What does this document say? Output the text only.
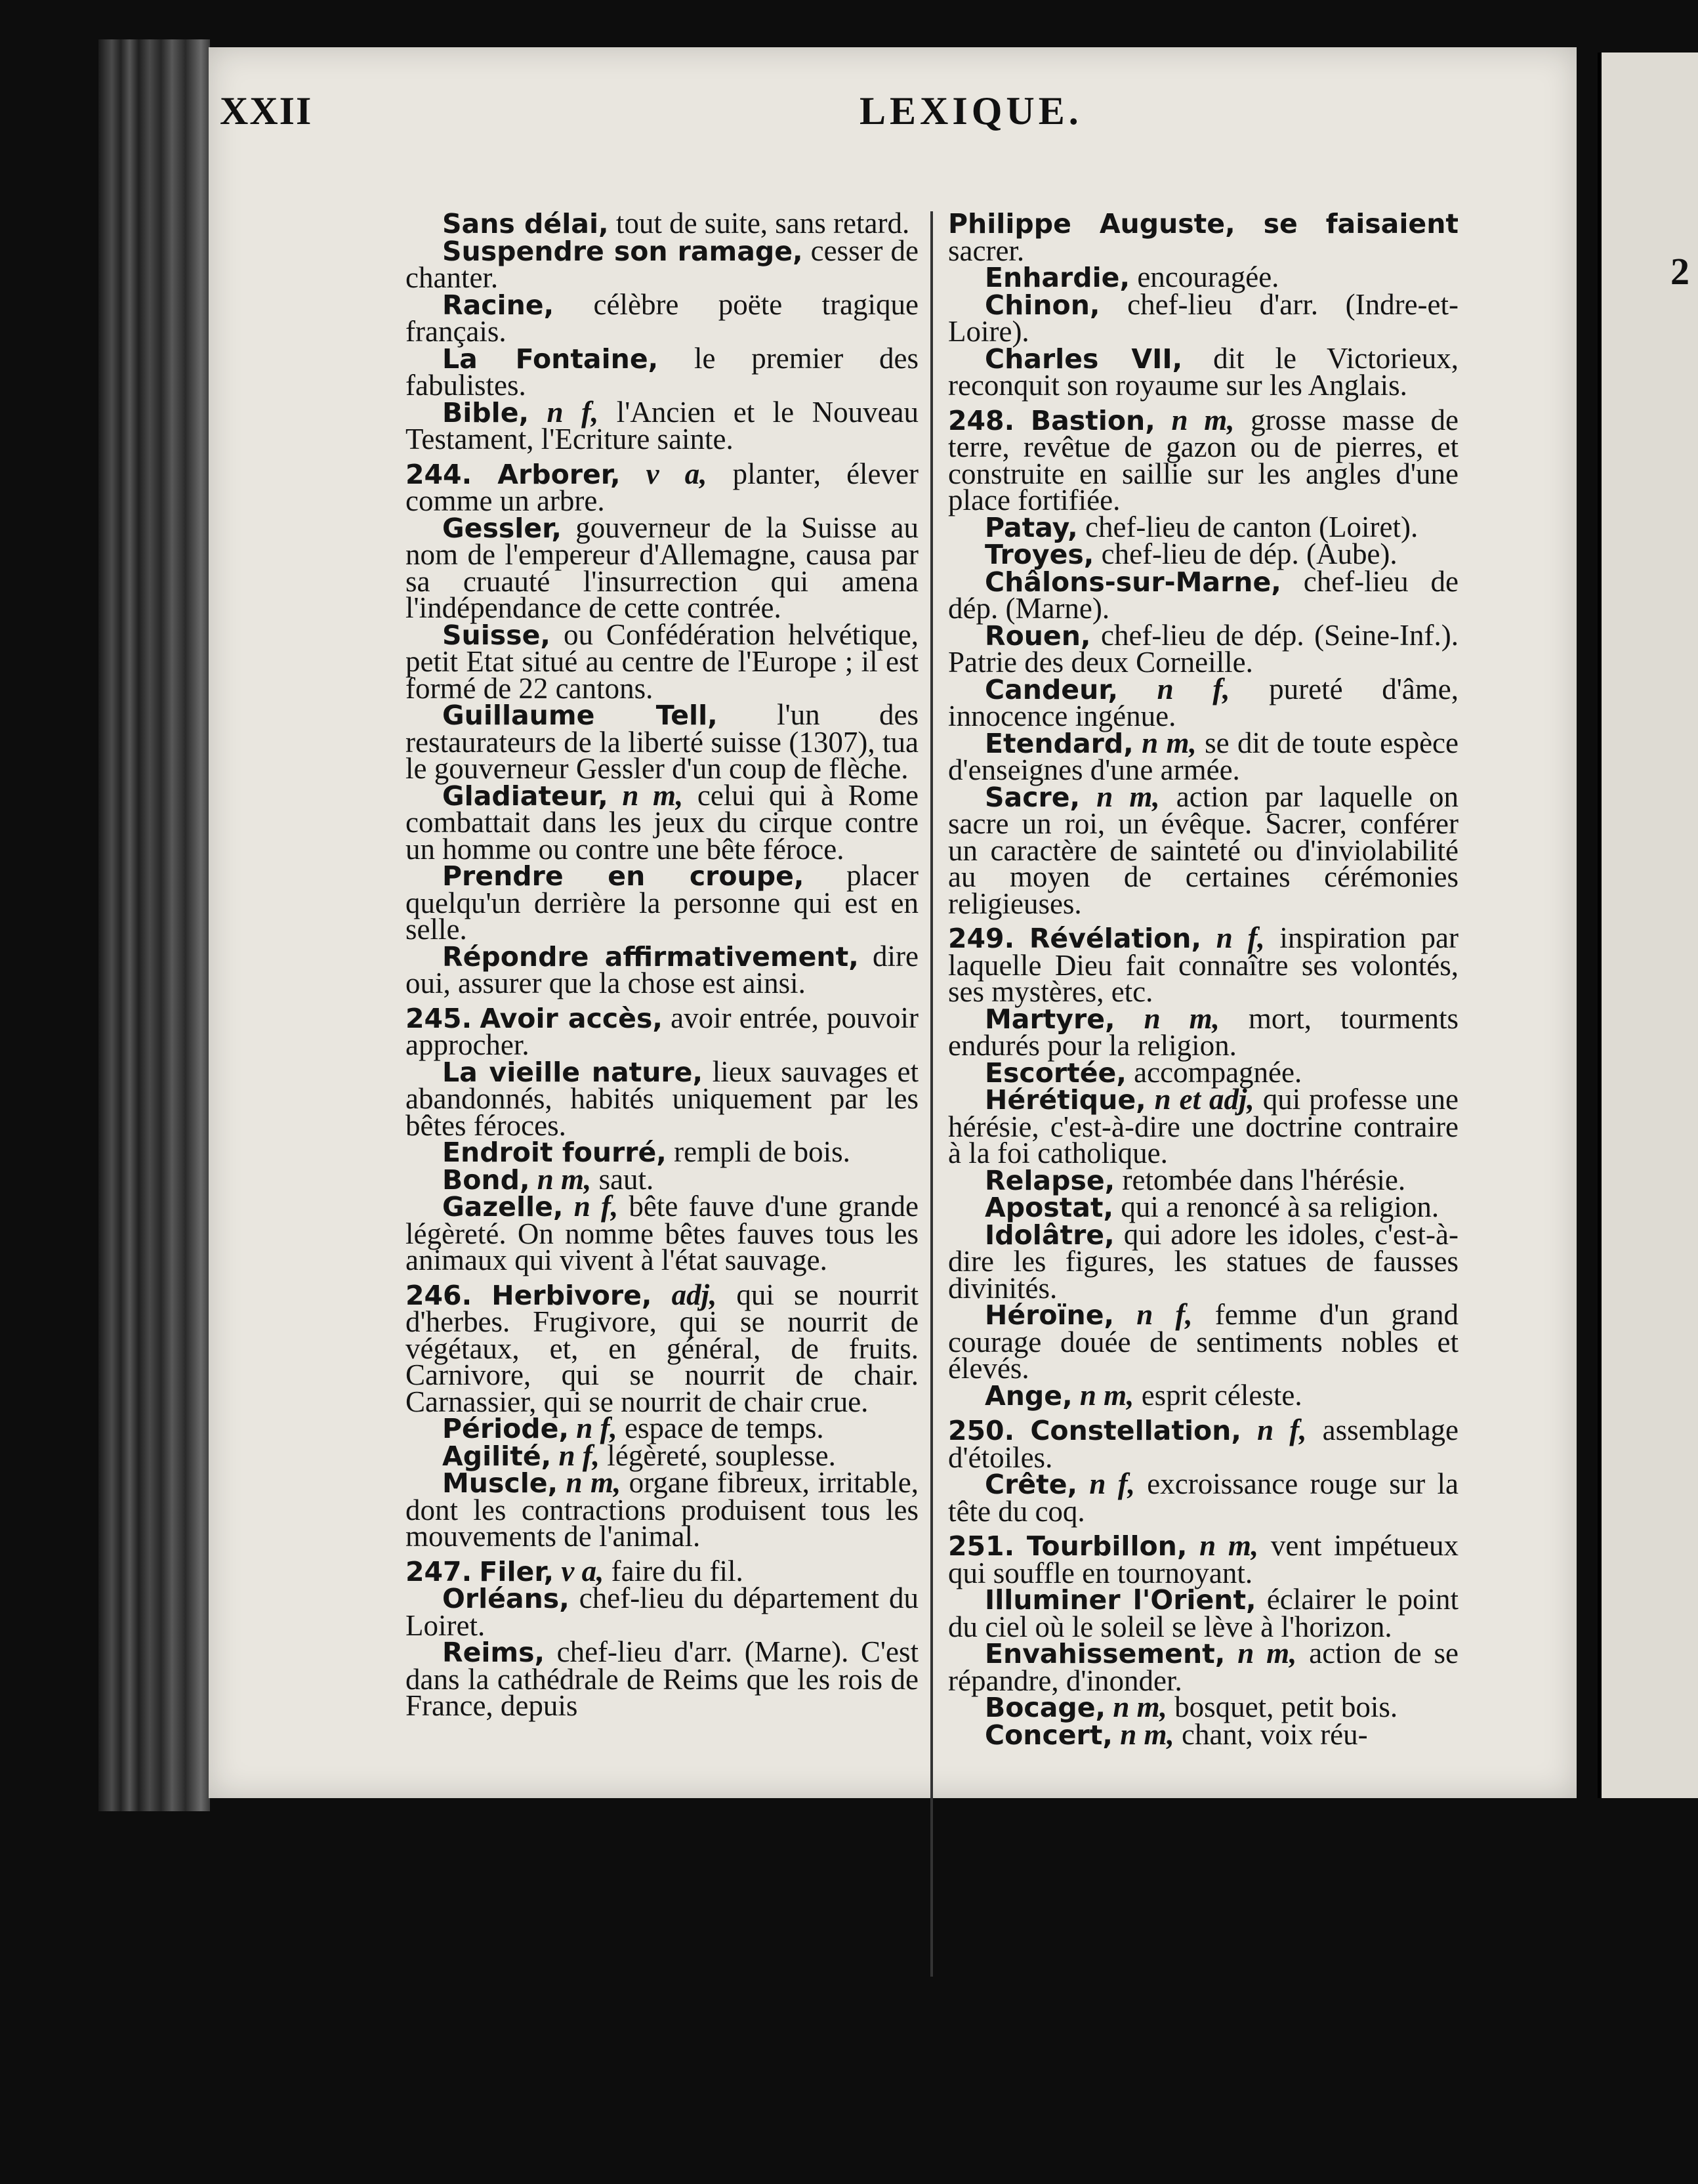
2
XXII	LEXIQUE.

Sans délai, tout de suite, sans retard.

Suspendre son ramage, cesser de chanter.

Racine, célèbre poëte tragique français.

La Fontaine, le premier des fabulistes.

Bible, n f, l'Ancien et le Nouveau Testament, l'Ecriture sainte.

244. Arborer, v a, planter, élever comme un arbre.

Gessler, gouverneur de la Suisse au nom de l'empereur d'Allemagne, causa par sa cruauté l'insurrection qui amena l'indépendance de cette contrée.

Suisse, ou Confédération helvétique, petit Etat situé au centre de l'Europe ; il est formé de 22 cantons.

Guillaume Tell, l'un des restaurateurs de la liberté suisse (1307), tua le gouverneur Gessler d'un coup de flèche.

Gladiateur, n m, celui qui à Rome combattait dans les jeux du cirque contre un homme ou contre une bête féroce.

Prendre en croupe, placer quelqu'un derrière la personne qui est en selle.

Répondre affirmativement, dire oui, assurer que la chose est ainsi.

245. Avoir accès, avoir entrée, pouvoir approcher.

La vieille nature, lieux sauvages et abandonnés, habités uniquement par les bêtes féroces.

Endroit fourré, rempli de bois.

Bond, n m, saut.

Gazelle, n f, bête fauve d'une grande légèreté. On nomme bêtes fauves tous les animaux qui vivent à l'état sauvage.

246. Herbivore, adj, qui se nourrit d'herbes. Frugivore, qui se nourrit de végétaux, et, en général, de fruits. Carnivore, qui se nourrit de chair. Carnassier, qui se nourrit de chair crue.

Période, n f, espace de temps.

Agilité, n f, légèreté, souplesse.

Muscle, n m, organe fibreux, irritable, dont les contractions produisent tous les mouvements de l'animal.

247. Filer, v a, faire du fil.

Orléans, chef-lieu du département du Loiret.

Reims, chef-lieu d'arr. (Marne). C'est dans la cathédrale de Reims que les rois de France, depuis

Philippe Auguste, se faisaient sacrer.

Enhardie, encouragée.

Chinon, chef-lieu d'arr. (Indre-et-Loire).

Charles VII, dit le Victorieux, reconquit son royaume sur les Anglais.

248. Bastion, n m, grosse masse de terre, revêtue de gazon ou de pierres, et construite en saillie sur les angles d'une place fortifiée.

Patay, chef-lieu de canton (Loiret).

Troyes, chef-lieu de dép. (Aube).

Châlons-sur-Marne, chef-lieu de dép. (Marne).

Rouen, chef-lieu de dép. (Seine-Inf.). Patrie des deux Corneille.

Candeur, n f, pureté d'âme, innocence ingénue.

Etendard, n m, se dit de toute espèce d'enseignes d'une armée.

Sacre, n m, action par laquelle on sacre un roi, un évêque. Sacrer, conférer un caractère de sainteté ou d'inviolabilité au moyen de certaines cérémonies religieuses.

249. Révélation, n f, inspiration par laquelle Dieu fait connaître ses volontés, ses mystères, etc.

Martyre, n m, mort, tourments endurés pour la religion.

Escortée, accompagnée.

Hérétique, n et adj, qui professe une hérésie, c'est-à-dire une doctrine contraire à la foi catholique.

Relapse, retombée dans l'hérésie.

Apostat, qui a renoncé à sa religion.

Idolâtre, qui adore les idoles, c'est-à-dire les figures, les statues de fausses divinités.

Héroïne, n f, femme d'un grand courage douée de sentiments nobles et élevés.

Ange, n m, esprit céleste.

250. Constellation, n f, assemblage d'étoiles.

Crête, n f, excroissance rouge sur la tête du coq.

251. Tourbillon, n m, vent impétueux qui souffle en tournoyant.

Illuminer l'Orient, éclairer le point du ciel où le soleil se lève à l'horizon.

Envahissement, n m, action de se répandre, d'inonder.

Bocage, n m, bosquet, petit bois.

Concert, n m, chant, voix réu-
